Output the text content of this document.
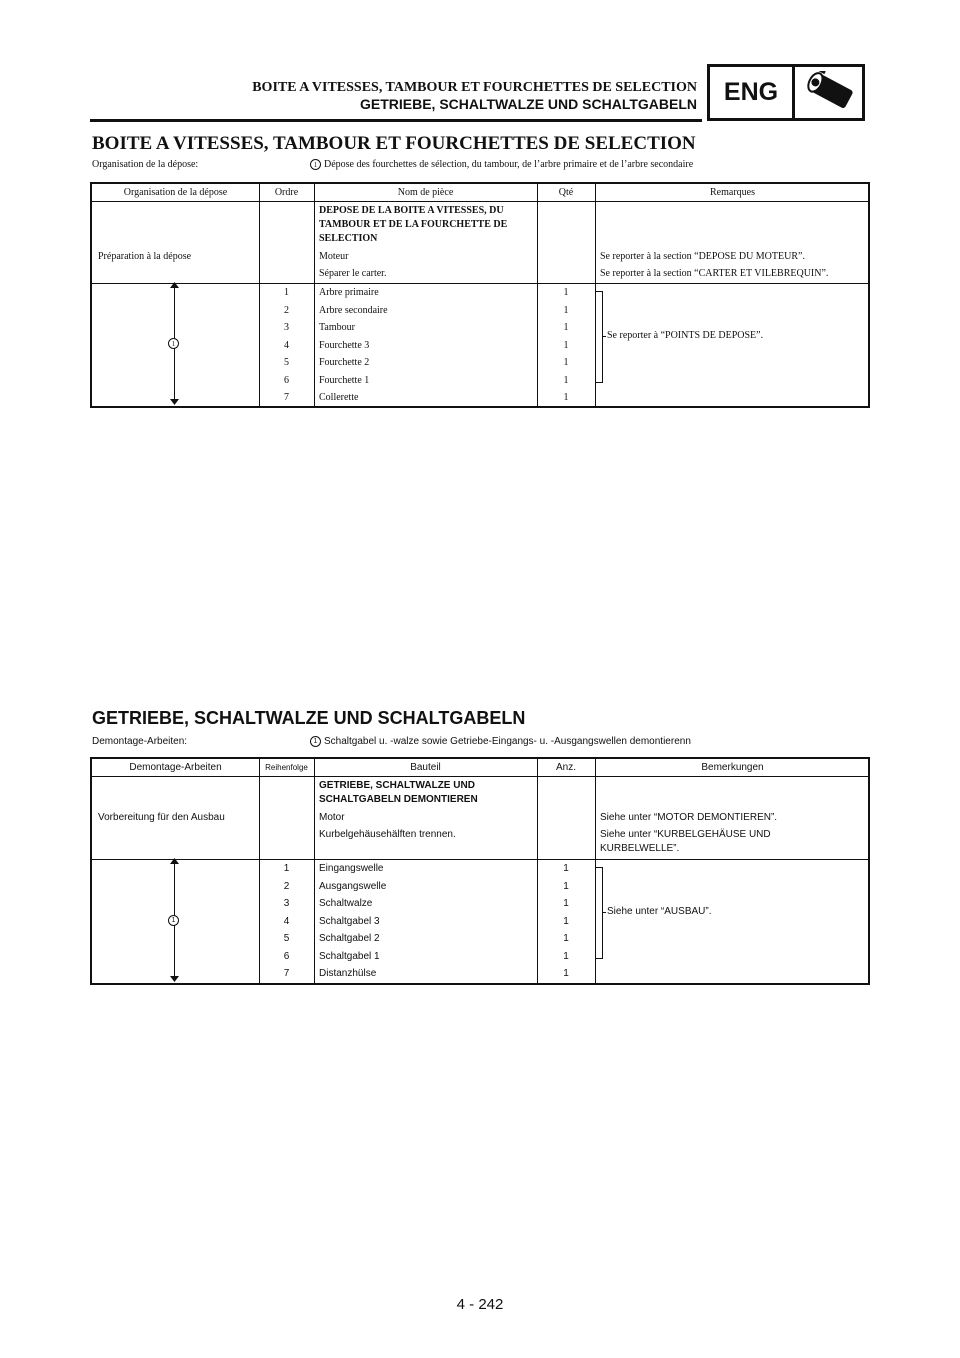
BOITE A VITESSES, TAMBOUR ET FOURCHETTES DE SELECTION
GETRIEBE, SCHALTWALZE UND SCHALTGABELN	ENG
BOITE A VITESSES, TAMBOUR ET FOURCHETTES DE SELECTION
Organisation de la dépose:	1 Dépose des fourchettes de sélection, du tambour, de l’arbre primaire et de l’arbre secondaire
Organisation de la dépose	Ordre	Nom de pièce	Qté	Remarques
DEPOSE DE LA BOITE A VITESSES, DU
TAMBOUR ET DE LA FOURCHETTE DE
SELECTION
Préparation à la dépose	Moteur	Se reporter à la section “DEPOSE DU MOTEUR”.
Séparer le carter.	Se reporter à la section “CARTER ET VILEBREQUIN”.
1
1	Arbre primaire	1
2	Arbre secondaire	1
3	Tambour	1
4	Fourchette 3	1
5	Fourchette 2	1
6	Fourchette 1	1
7	Collerette	1
Se reporter à “POINTS DE DEPOSE”.
GETRIEBE, SCHALTWALZE UND SCHALTGABELN
Demontage-Arbeiten:	1 Schaltgabel u. -walze sowie Getriebe-Eingangs- u. -Ausgangswellen demontierenn
Demontage-Arbeiten	Reihenfolge	Bauteil	Anz.	Bemerkungen
GETRIEBE, SCHALTWALZE UND
SCHALTGABELN DEMONTIEREN
Vorbereitung für den Ausbau	Motor	Siehe unter “MOTOR DEMONTIEREN”.
Kurbelgehäusehälften trennen.	Siehe unter “KURBELGEHÄUSE UND
KURBELWELLE”.
1
1	Eingangswelle	1
2	Ausgangswelle	1
3	Schaltwalze	1
4	Schaltgabel 3	1
5	Schaltgabel 2	1
6	Schaltgabel 1	1
7	Distanzhülse	1
Siehe unter “AUSBAU”.
4 - 242
